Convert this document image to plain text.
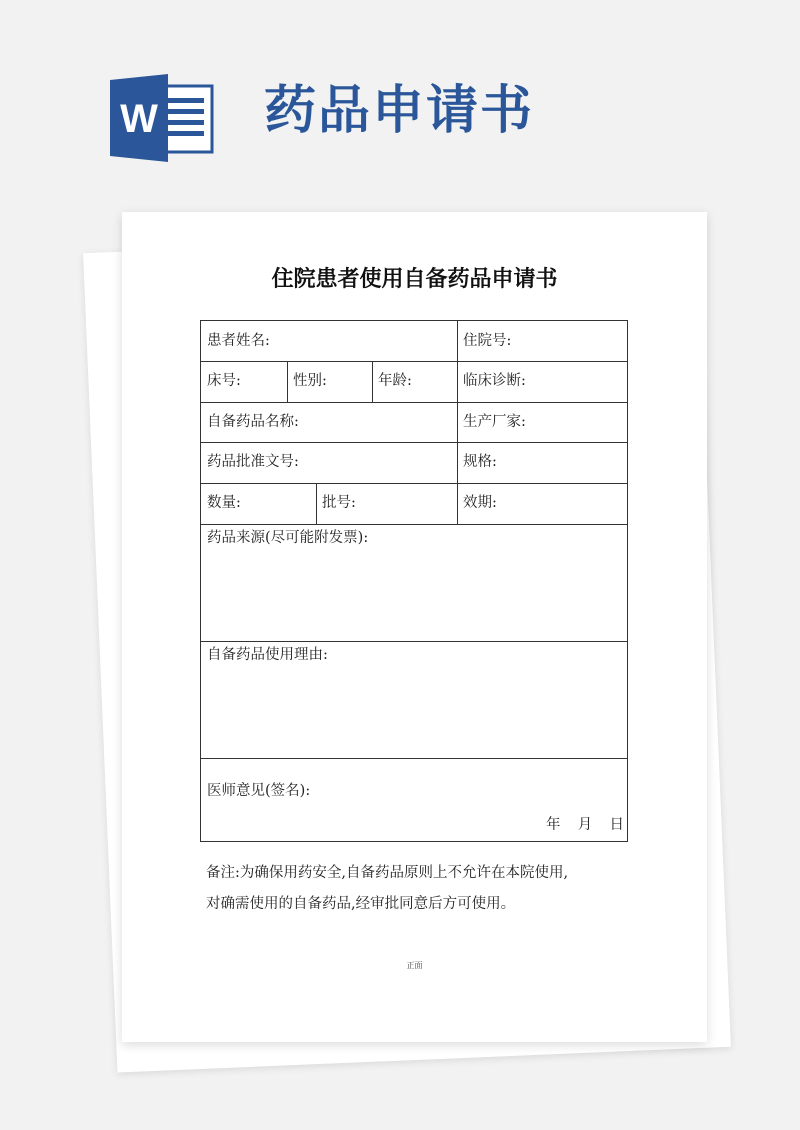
W 药品申请书
住院患者使用自备药品申请书
患者姓名:	住院号:
床号:	性别:	年龄:	临床诊断:
自备药品名称:	生产厂家:
药品批准文号:	规格:
数量:	批号:	效期:
药品来源(尽可能附发票):
自备药品使用理由:
医师意见(签名):
年 月 日

备注:为确保用药安全,自备药品原则上不允许在本院使用,

对确需使用的自备药品,经审批同意后方可使用。

正面
